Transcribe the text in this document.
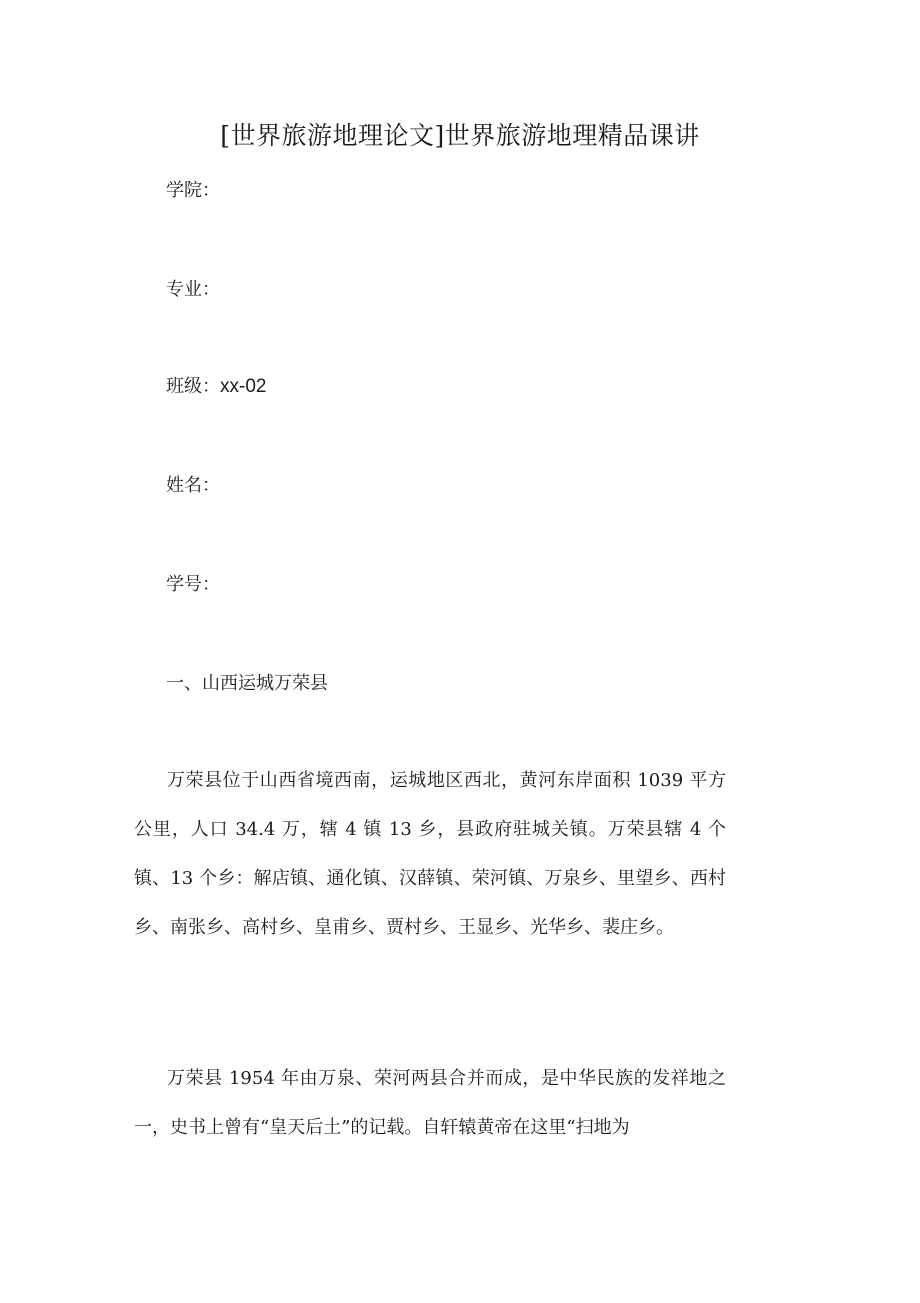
[世界旅游地理论文]世界旅游地理精品课讲
学院：
专业：
班级：xx-02
姓名：
学号：
一、山西运城万荣县

万荣县位于山西省境西南，运城地区西北，黄河东岸面积 1039 平方公里，人口 34.4 万，辖 4 镇 13 乡，县政府驻城关镇。万荣县辖 4 个镇、13 个乡：解店镇、通化镇、汉薛镇、荣河镇、万泉乡、里望乡、西村乡、南张乡、高村乡、皇甫乡、贾村乡、王显乡、光华乡、裴庄乡。

万荣县 1954 年由万泉、荣河两县合并而成，是中华民族的发祥地之一，史书上曾有“皇天后土”的记载。自轩辕黄帝在这里“扫地为
